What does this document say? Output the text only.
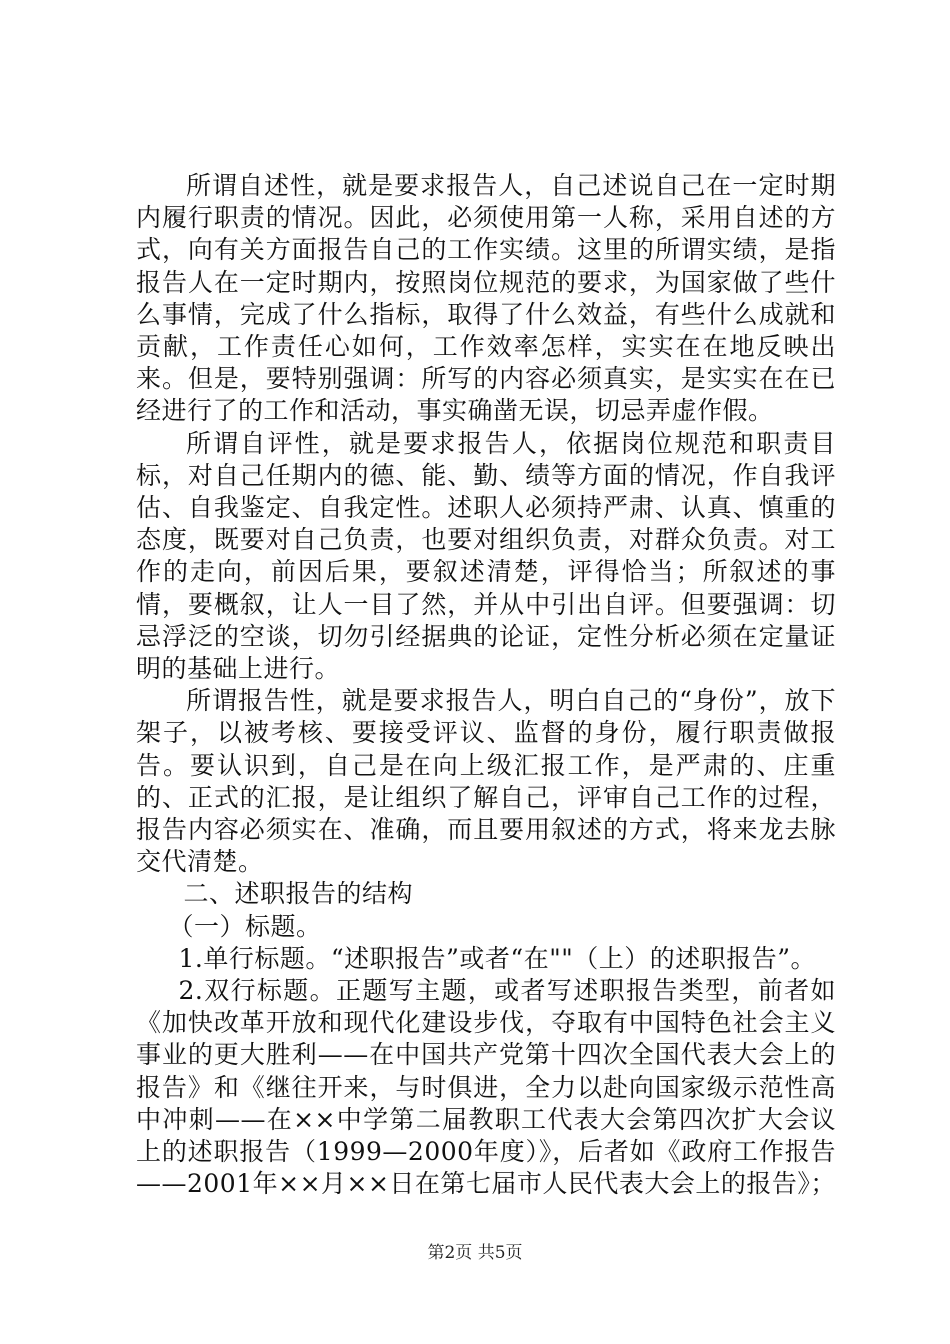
所谓自述性，就是要求报告人，自己述说自己在一定时期内履行职责的情况。因此，必须使用第一人称，采用自述的方式，向有关方面报告自己的工作实绩。这里的所谓实绩，是指报告人在一定时期内，按照岗位规范的要求，为国家做了些什么事情，完成了什么指标，取得了什么效益，有些什么成就和贡献，工作责任心如何，工作效率怎样，实实在在地反映出来。但是，要特别强调：所写的内容必须真实，是实实在在已经进行了的工作和活动，事实确凿无误，切忌弄虚作假。

所谓自评性，就是要求报告人，依据岗位规范和职责目标，对自己任期内的德、能、勤、绩等方面的情况，作自我评估、自我鉴定、自我定性。述职人必须持严肃、认真、慎重的态度，既要对自己负责，也要对组织负责，对群众负责。对工作的走向，前因后果，要叙述清楚，评得恰当；所叙述的事情，要概叙，让人一目了然，并从中引出自评。但要强调：切忌浮泛的空谈，切勿引经据典的论证，定性分析必须在定量证明的基础上进行。

所谓报告性，就是要求报告人，明白自己的“身份”，放下架子，以被考核、要接受评议、监督的身份，履行职责做报告。要认识到，自己是在向上级汇报工作，是严肃的、庄重的、正式的汇报，是让组织了解自己，评审自己工作的过程，报告内容必须实在、准确，而且要用叙述的方式，将来龙去脉交代清楚。

二、述职报告的结构

（一）标题。

1.单行标题。“述职报告”或者“在""（上）的述职报告”。

2.双行标题。正题写主题，或者写述职报告类型，前者如《加快改革开放和现代化建设步伐，夺取有中国特色社会主义事业的更大胜利——在中国共产党第十四次全国代表大会上的报告》和《继往开来，与时俱进，全力以赴向国家级示范性高中冲刺——在××中学第二届教职工代表大会第四次扩大会议上的述职报告（1999—2000年度）》，后者如《政府工作报告——2001年××月××日在第七届市人民代表大会上的报告》；

第2页 共5页
